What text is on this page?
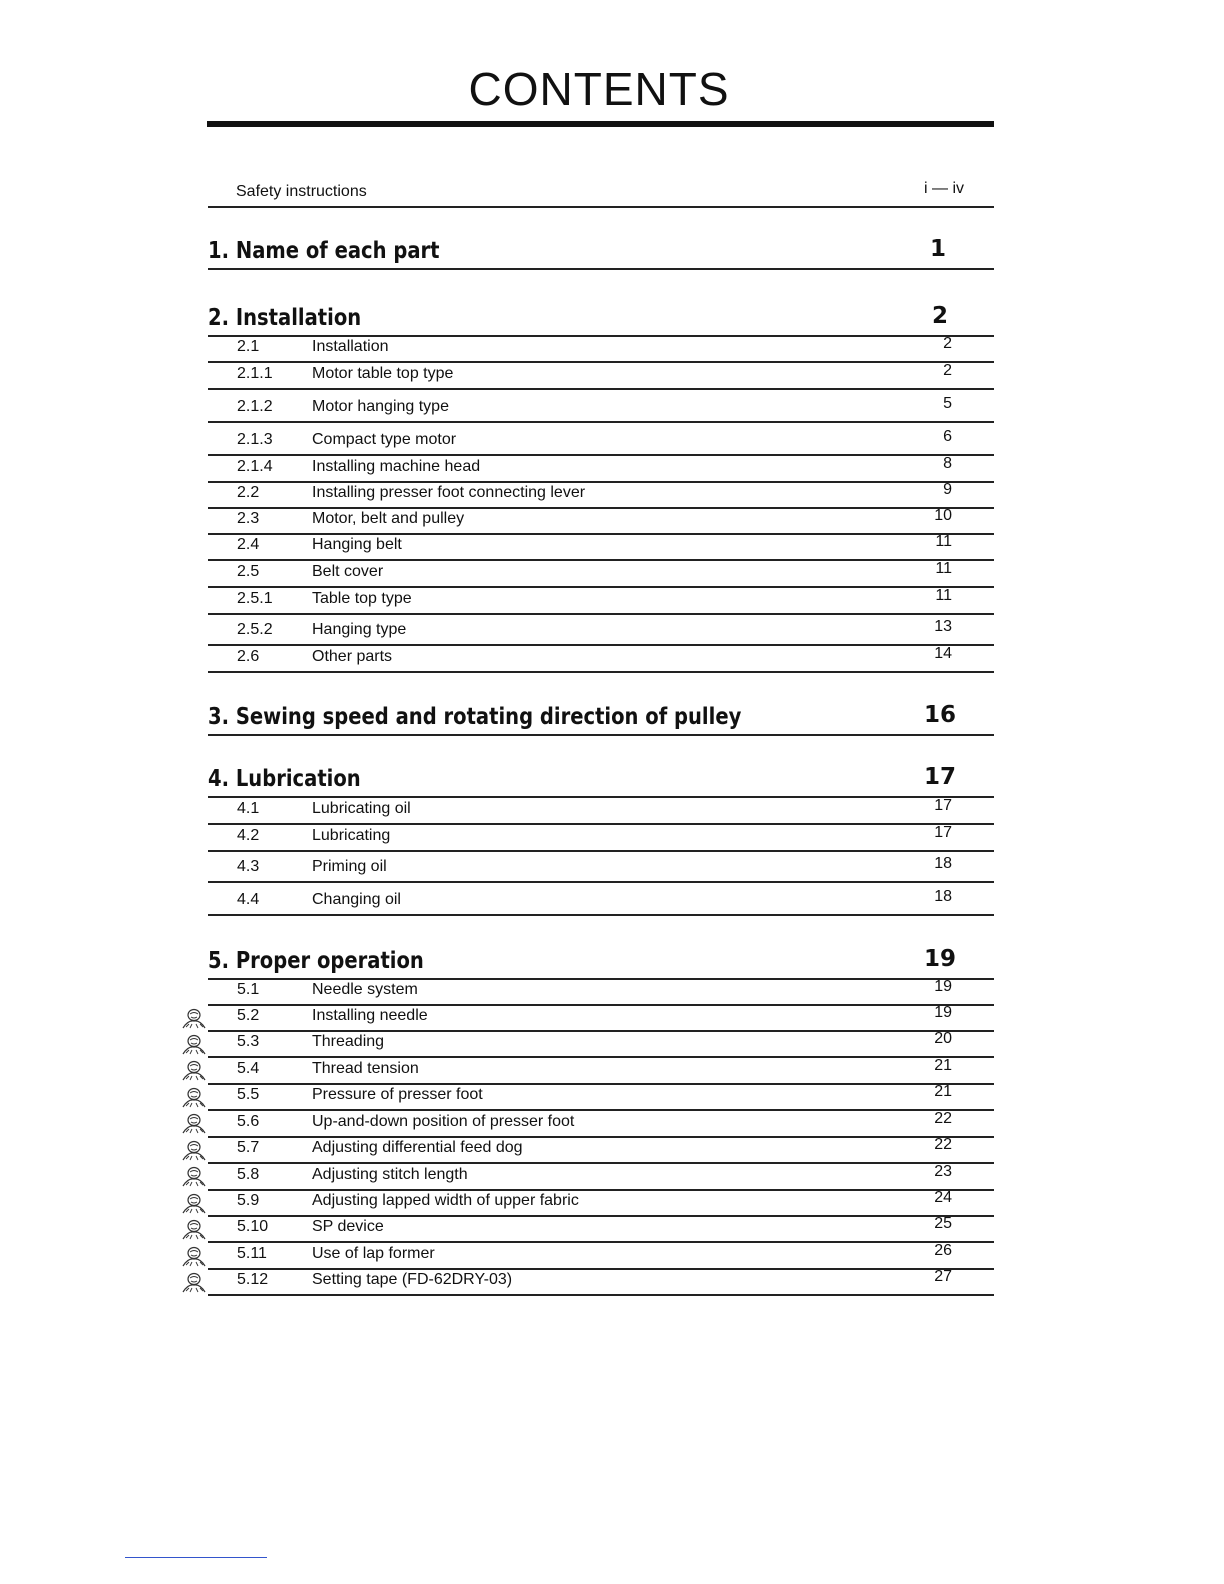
CONTENTS
Safety instructions	i — iv
1. Name of each part	1
2. Installation	2
2.1	Installation	2
2.1.1 Motor table top type	2
2.1.2 Motor hanging type	5
2.1.3 Compact type motor	6
2.1.4 Installing machine head	8
2.2	Installing presser foot connecting lever	9
2.3	Motor, belt and pulley	10
2.4	Hanging belt	11
2.5	Belt cover	11
2.5.1 Table top type	11
2.5.2 Hanging type	13
2.6	Other parts	14
3. Sewing speed and rotating direction of pulley	16
4. Lubrication	17
4.1	Lubricating oil	17
4.2	Lubricating	17
4.3	Priming oil	18
4.4	Changing oil	18
5. Proper operation	19
5.1	Needle system	19
5.2	Installing needle	19
5.3	Threading	20
5.4	Thread tension	21
5.5	Pressure of presser foot	21
5.6	Up-and-down position of presser foot	22
5.7	Adjusting differential feed dog	22
5.8	Adjusting stitch length	23
5.9	Adjusting lapped width of upper fabric	24
5.10	SP device	25
5.11	Use of lap former	26
5.12	Setting tape (FD-62DRY-03)	27
